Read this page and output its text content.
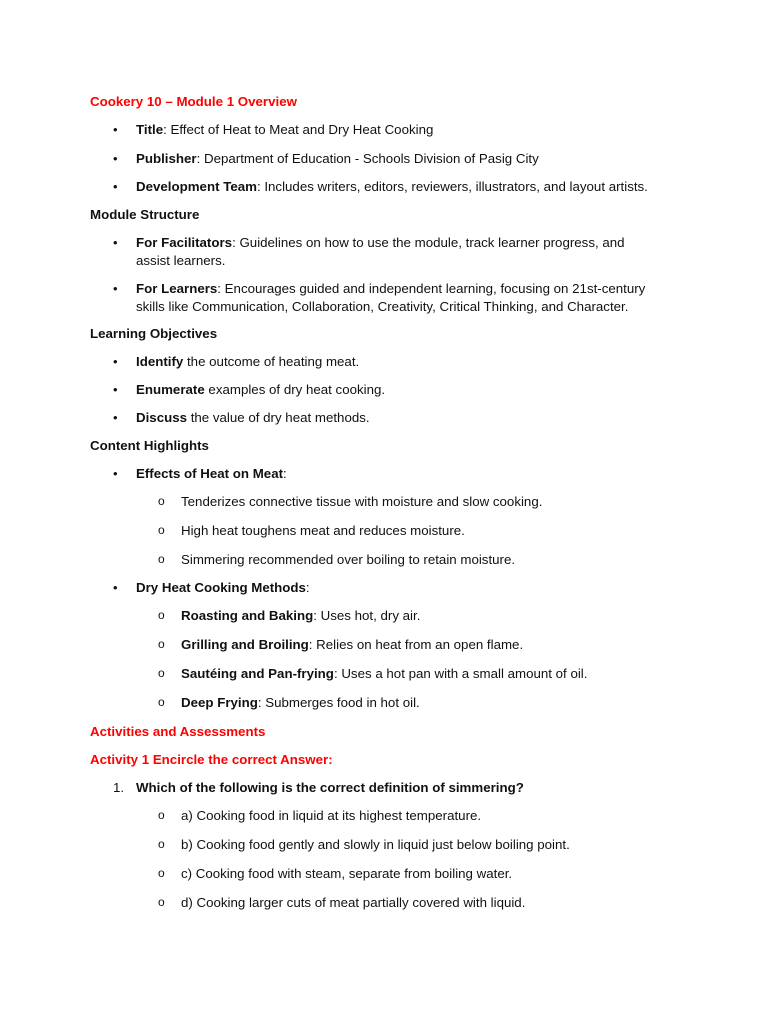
Cookery 10 – Module 1 Overview
• Title: Effect of Heat to Meat and Dry Heat Cooking
• Publisher: Department of Education - Schools Division of Pasig City
• Development Team: Includes writers, editors, reviewers, illustrators, and layout artists.
Module Structure
• For Facilitators: Guidelines on how to use the module, track learner progress, and assist learners.
• For Learners: Encourages guided and independent learning, focusing on 21st-century skills like Communication, Collaboration, Creativity, Critical Thinking, and Character.
Learning Objectives
• Identify the outcome of heating meat.
• Enumerate examples of dry heat cooking.
• Discuss the value of dry heat methods.
Content Highlights
• Effects of Heat on Meat:
o Tenderizes connective tissue with moisture and slow cooking.
o High heat toughens meat and reduces moisture.
o Simmering recommended over boiling to retain moisture.
• Dry Heat Cooking Methods:
o Roasting and Baking: Uses hot, dry air.
o Grilling and Broiling: Relies on heat from an open flame.
o Sautéing and Pan-frying: Uses a hot pan with a small amount of oil.
o Deep Frying: Submerges food in hot oil.
Activities and Assessments
Activity 1 Encircle the correct Answer:
1. Which of the following is the correct definition of simmering?
o a) Cooking food in liquid at its highest temperature.
o b) Cooking food gently and slowly in liquid just below boiling point.
o c) Cooking food with steam, separate from boiling water.
o d) Cooking larger cuts of meat partially covered with liquid.
